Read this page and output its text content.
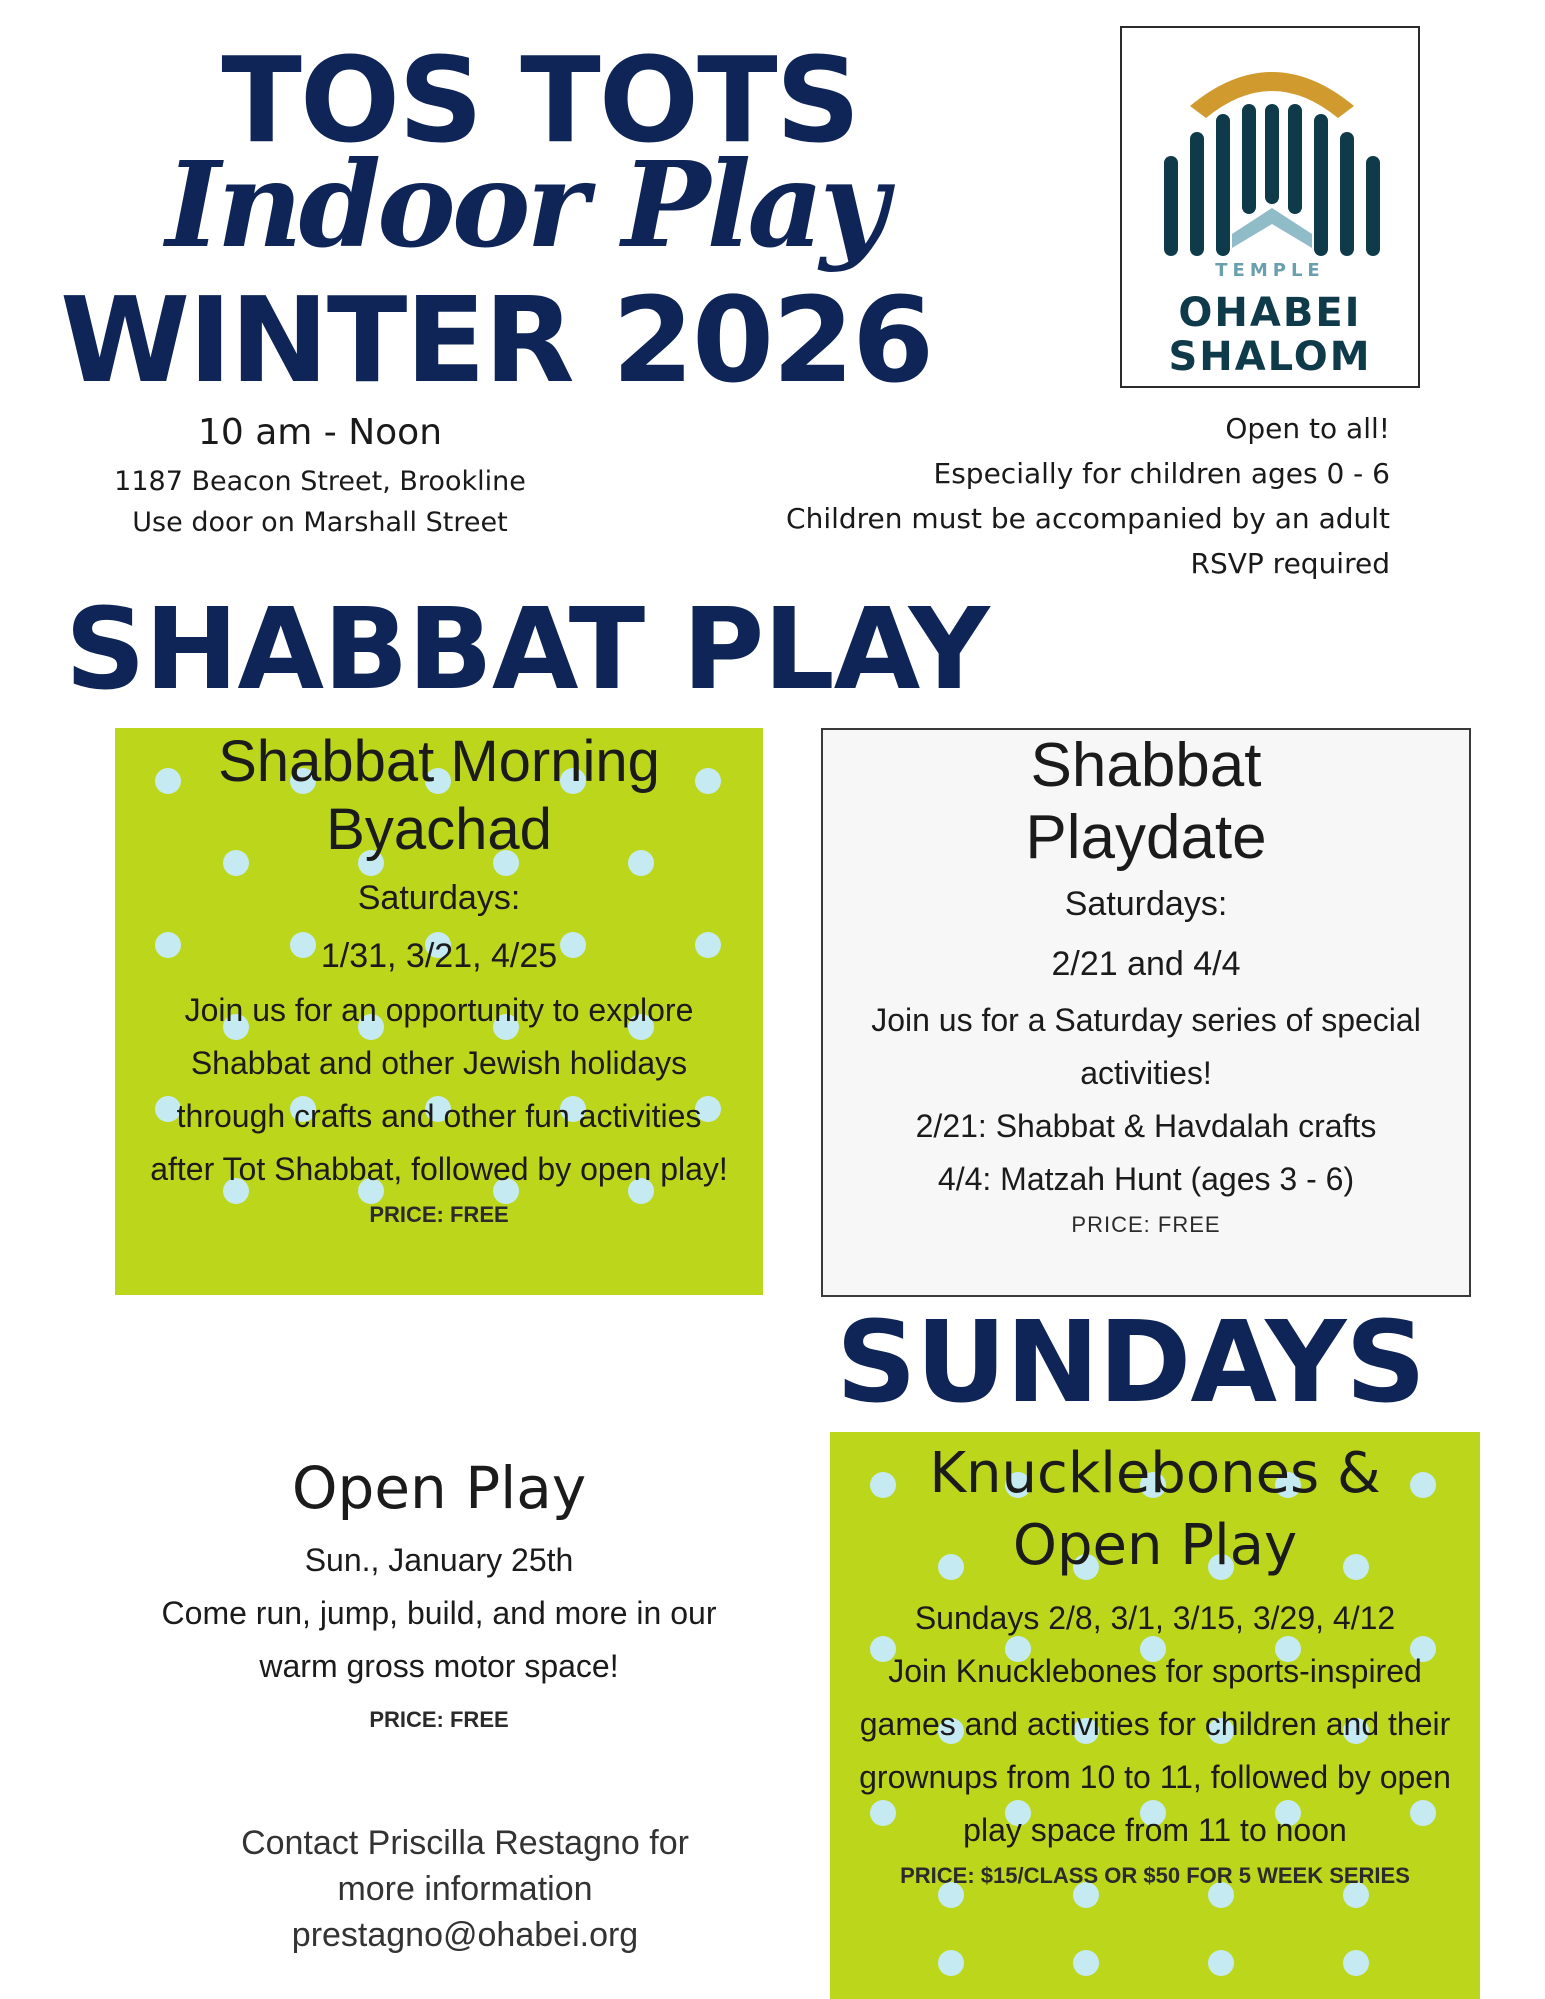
TOS TOTS
Indoor Play
WINTER 2026
TEMPLE
OHABEI
SHALOM
10 am - Noon
1187 Beacon Street, Brookline
Use door on Marshall Street
Open to all!
Especially for children ages 0 - 6
Children must be accompanied by an adult
RSVP required
SHABBAT PLAY
Shabbat Morning
Byachad
Saturdays:
1/31, 3/21, 4/25
Join us for an opportunity to explore
Shabbat and other Jewish holidays
through crafts and other fun activities
after Tot Shabbat, followed by open play!
PRICE: FREE
Shabbat
Playdate
Saturdays:
2/21 and 4/4
Join us for a Saturday series of special
activities!
2/21: Shabbat & Havdalah crafts
4/4: Matzah Hunt (ages 3 - 6)
PRICE: FREE
SUNDAYS
Open Play
Sun., January 25th
Come run, jump, build, and more in our
warm gross motor space!
PRICE: FREE
Contact Priscilla Restagno for
more information
prestagno@ohabei.org
Knucklebones &
Open Play
Sundays 2/8, 3/1, 3/15, 3/29, 4/12
Join Knucklebones for sports-inspired
games and activities for children and their
grownups from 10 to 11, followed by open
play space from 11 to noon
PRICE: $15/CLASS OR $50 FOR 5 WEEK SERIES
